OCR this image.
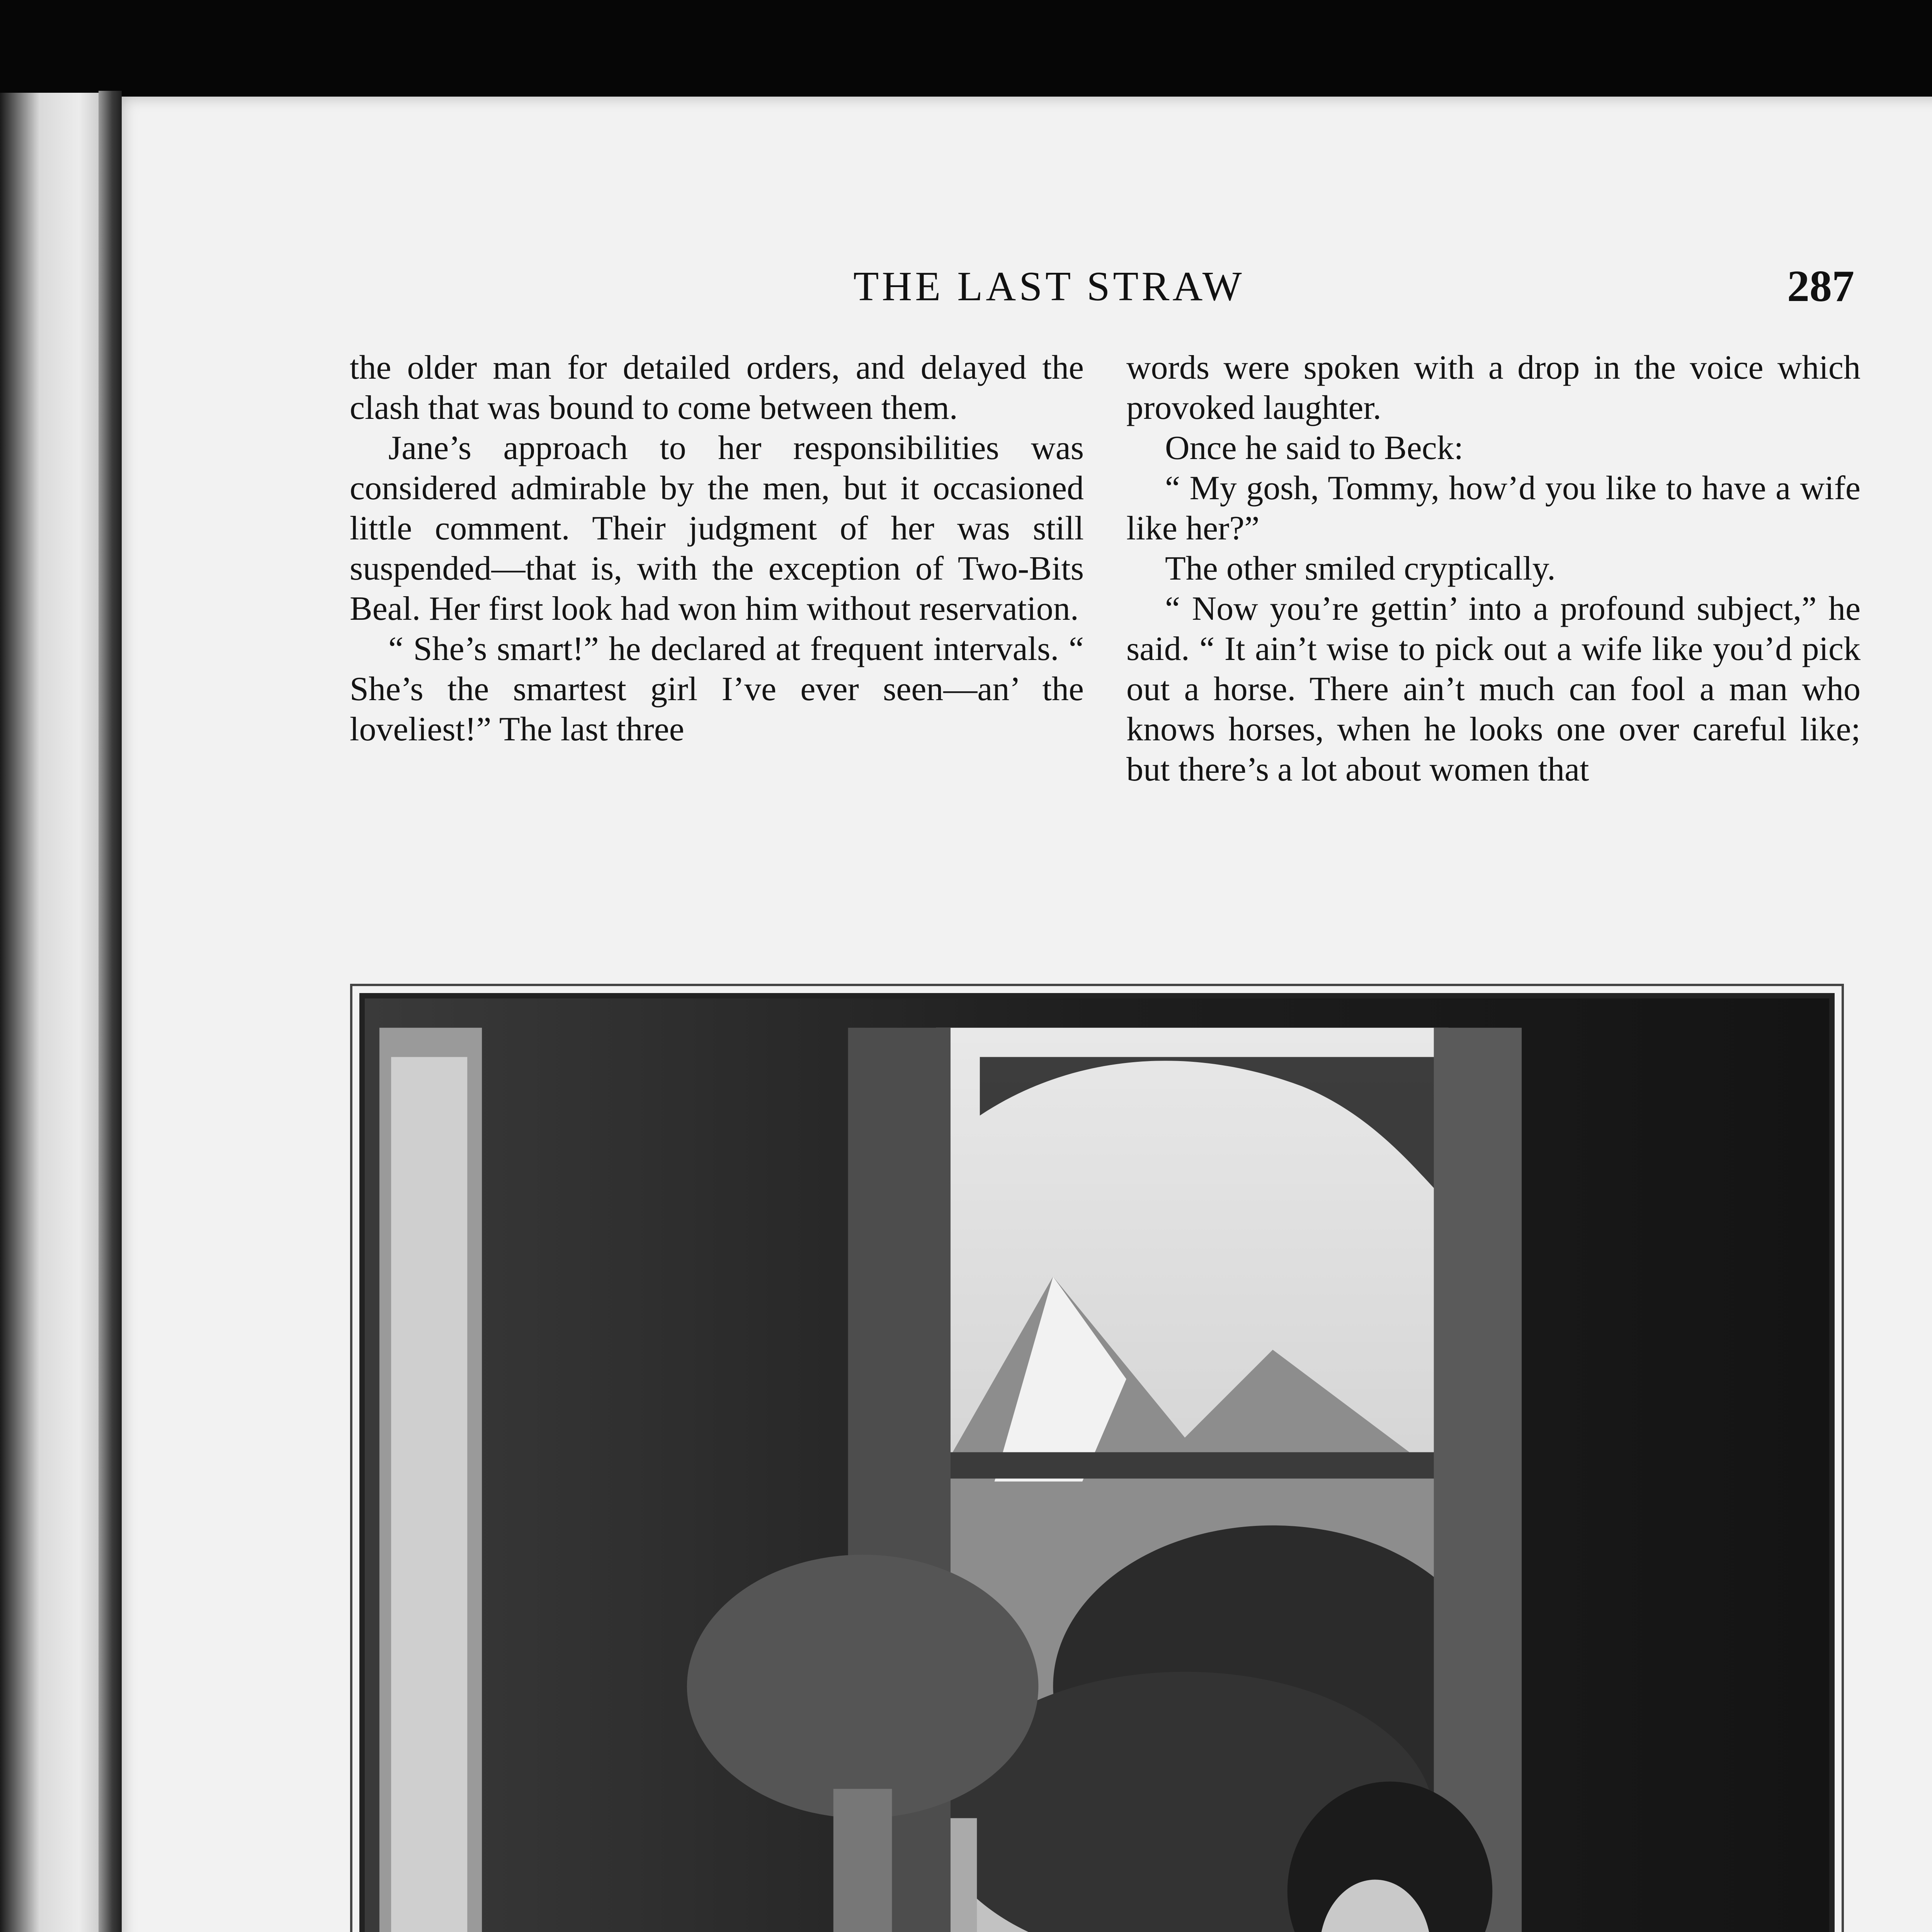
THE LAST STRAW	287

the older man for detailed orders, and delayed the clash that was bound to come between them.

Jane’s approach to her responsibilities was considered admirable by the men, but it occasioned little comment. Their judgment of her was still suspended—that is, with the exception of Two-Bits Beal. Her first look had won him without reservation.

“ She’s smart!” he declared at frequent intervals. “ She’s the smartest girl I’ve ever seen—an’ the loveliest!” The last three

words were spoken with a drop in the voice which provoked laughter.

Once he said to Beck:

“ My gosh, Tommy, how’d you like to have a wife like her?”

The other smiled cryptically.

“ Now you’re gettin’ into a profound subject,” he said. “ It ain’t wise to pick out a wife like you’d pick out a horse. There ain’t much can fool a man who knows horses, when he looks one over careful like; but there’s a lot about women that
